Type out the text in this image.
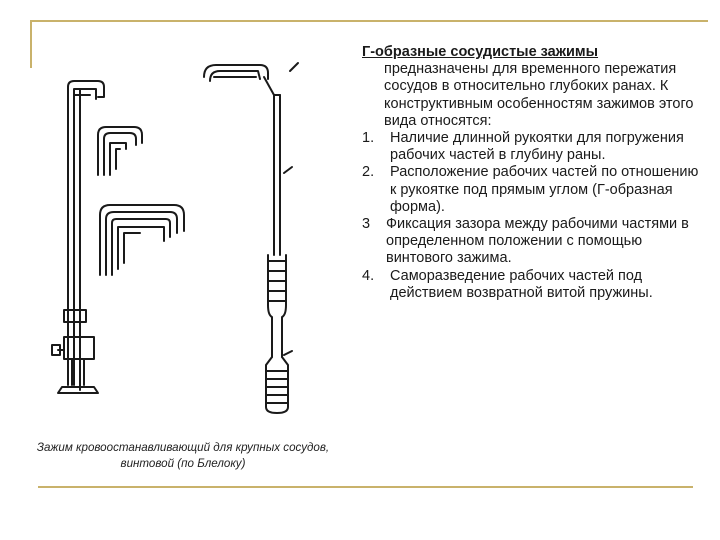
Зажим кровоостанавливающий для крупных сосудов, винтовой (по Блелоку)

Г-образные сосудистые зажимы

предназначены для временного пережатия сосудов в относительно глубоких ранах. К конструктивным особенностям зажимов этого вида относятся:

1.	Наличие длинной рукоятки для погружения рабочих частей в глубину раны.
2.	Расположение рабочих частей по отношению к рукоятке под прямым углом (Г-образная форма).
3	Фиксация зазора между рабочими частями в определенном положении с помощью винтового зажима.
4.	Саморазведение рабочих частей под действием возвратной витой пружины.
